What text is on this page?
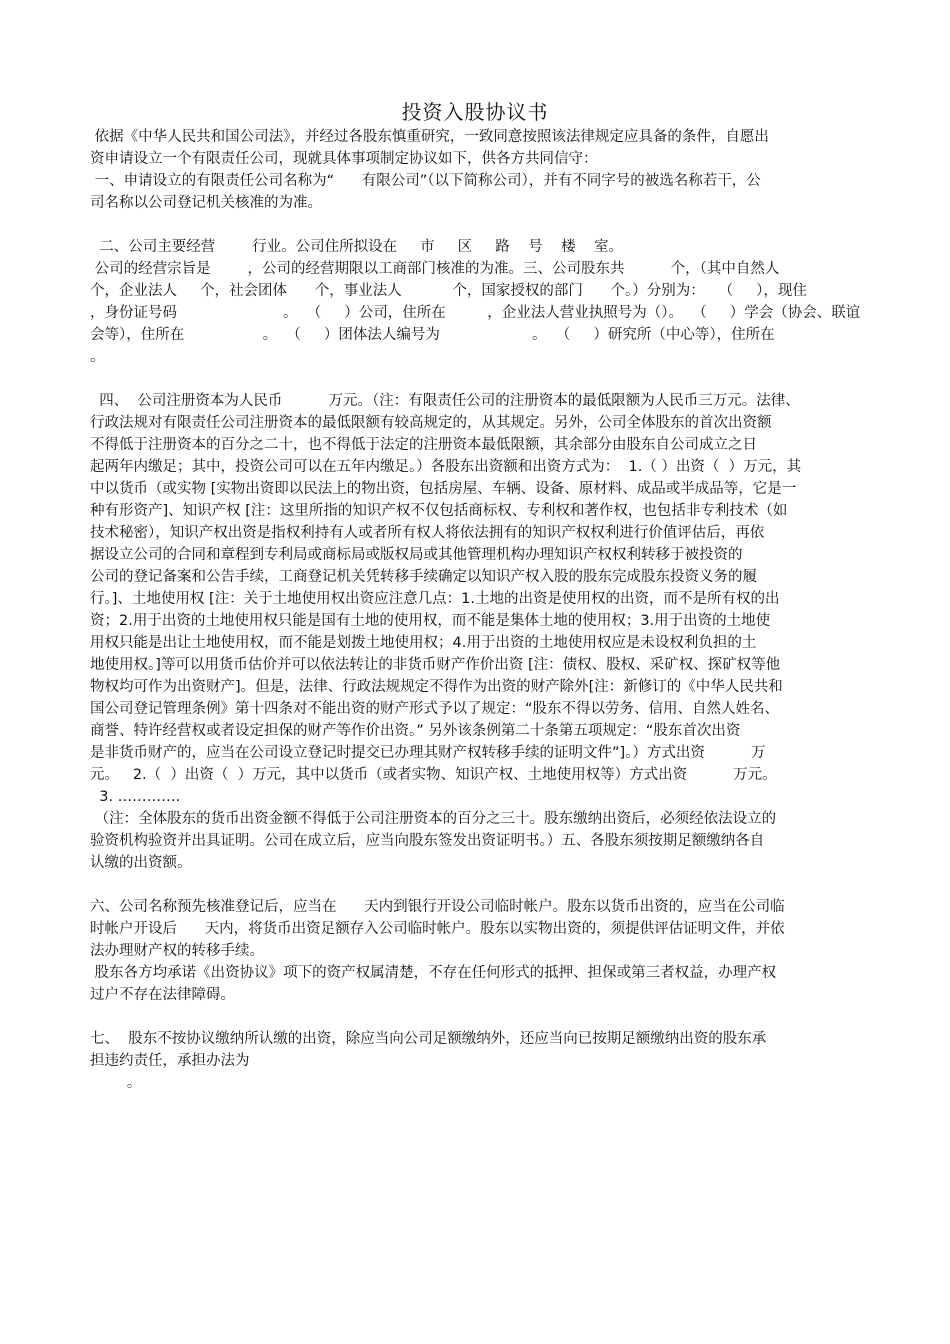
投资入股协议书
依据《中华人民共和国公司法》，并经过各股东慎重研究，一致同意按照该法律规定应具备的条件，自愿出
资申请设立一个有限责任公司，现就具体事项制定协议如下，供各方共同信守：
一、申请设立的有限责任公司名称为“      有限公司”（以下简称公司），并有不同字号的被选名称若干，公
司名称以公司登记机关核准的为准。
二、公司主要经营        行业。公司住所拟设在     市     区     路    号    楼    室。
公司的经营宗旨是        ，公司的经营期限以工商部门核准的为准。三、公司股东共          个，（其中自然人
个，企业法人     个，社会团体      个，事业法人           个，国家授权的部门      个。）分别为：   （     ），现住
，身份证号码                       。  （     ）公司，住所在         ，企业法人营业执照号为（）。  （     ）学会（协会、联谊
会等），住所在                 。  （     ）团体法人编号为                    。  （     ）研究所（中心等），住所在
。
四、  公司注册资本为人民币          万元。（注：有限责任公司的注册资本的最低限额为人民币三万元。法律、
行政法规对有限责任公司注册资本的最低限额有较高规定的，从其规定。另外，公司全体股东的首次出资额
不得低于注册资本的百分之二十，也不得低于法定的注册资本最低限额，其余部分由股东自公司成立之日
起两年内缴足；其中，投资公司可以在五年内缴足。）各股东出资额和出资方式为：  1.（ ）出资（  ）万元，其
中以货币（或实物 [实物出资即以民法上的物出资，包括房屋、车辆、设备、原材料、成品或半成品等，它是一
种有形资产]、知识产权 [注：这里所指的知识产权不仅包括商标权、专利权和著作权，也包括非专利技术（如
技术秘密），知识产权出资是指权利持有人或者所有权人将依法拥有的知识产权权利进行价值评估后，再依
据设立公司的合同和章程到专利局或商标局或版权局或其他管理机构办理知识产权权利转移于被投资的
公司的登记备案和公告手续，工商登记机关凭转移手续确定以知识产权入股的股东完成股东投资义务的履
行。]、土地使用权 [注：关于土地使用权出资应注意几点：1.土地的出资是使用权的出资，而不是所有权的出
资；2.用于出资的土地使用权只能是国有土地的使用权，而不能是集体土地的使用权；3.用于出资的土地使
用权只能是出让土地使用权，而不能是划拨土地使用权；4.用于出资的土地使用权应是未设权利负担的土
地使用权。]等可以用货币估价并可以依法转让的非货币财产作价出资 [注：债权、股权、采矿权、探矿权等他
物权均可作为出资财产]。但是，法律、行政法规规定不得作为出资的财产除外[注：新修订的《中华人民共和
国公司登记管理条例》第十四条对不能出资的财产形式予以了规定：“股东不得以劳务、信用、自然人姓名、
商誉、特许经营权或者设定担保的财产等作价出资。” 另外该条例第二十条第五项规定：“股东首次出资
是非货币财产的，应当在公司设立登记时提交已办理其财产权转移手续的证明文件”]。）方式出资          万
元。   2.（  ）出资（  ）万元，其中以货币（或者实物、知识产权、土地使用权等）方式出资          万元。
3. ………….
（注：全体股东的货币出资金额不得低于公司注册资本的百分之三十。股东缴纳出资后，必须经依法设立的
验资机构验资并出具证明。公司在成立后，应当向股东签发出资证明书。）五、各股东须按期足额缴纳各自
认缴的出资额。
六、公司名称预先核准登记后，应当在      天内到银行开设公司临时帐户。股东以货币出资的，应当在公司临
时帐户开设后      天内，将货币出资足额存入公司临时帐户。股东以实物出资的，须提供评估证明文件，并依
法办理财产权的转移手续。
股东各方均承诺《出资协议》项下的资产权属清楚，不存在任何形式的抵押、担保或第三者权益，办理产权
过户不存在法律障碍。
七、  股东不按协议缴纳所认缴的出资，除应当向公司足额缴纳外，还应当向已按期足额缴纳出资的股东承
担违约责任，承担办法为
。
